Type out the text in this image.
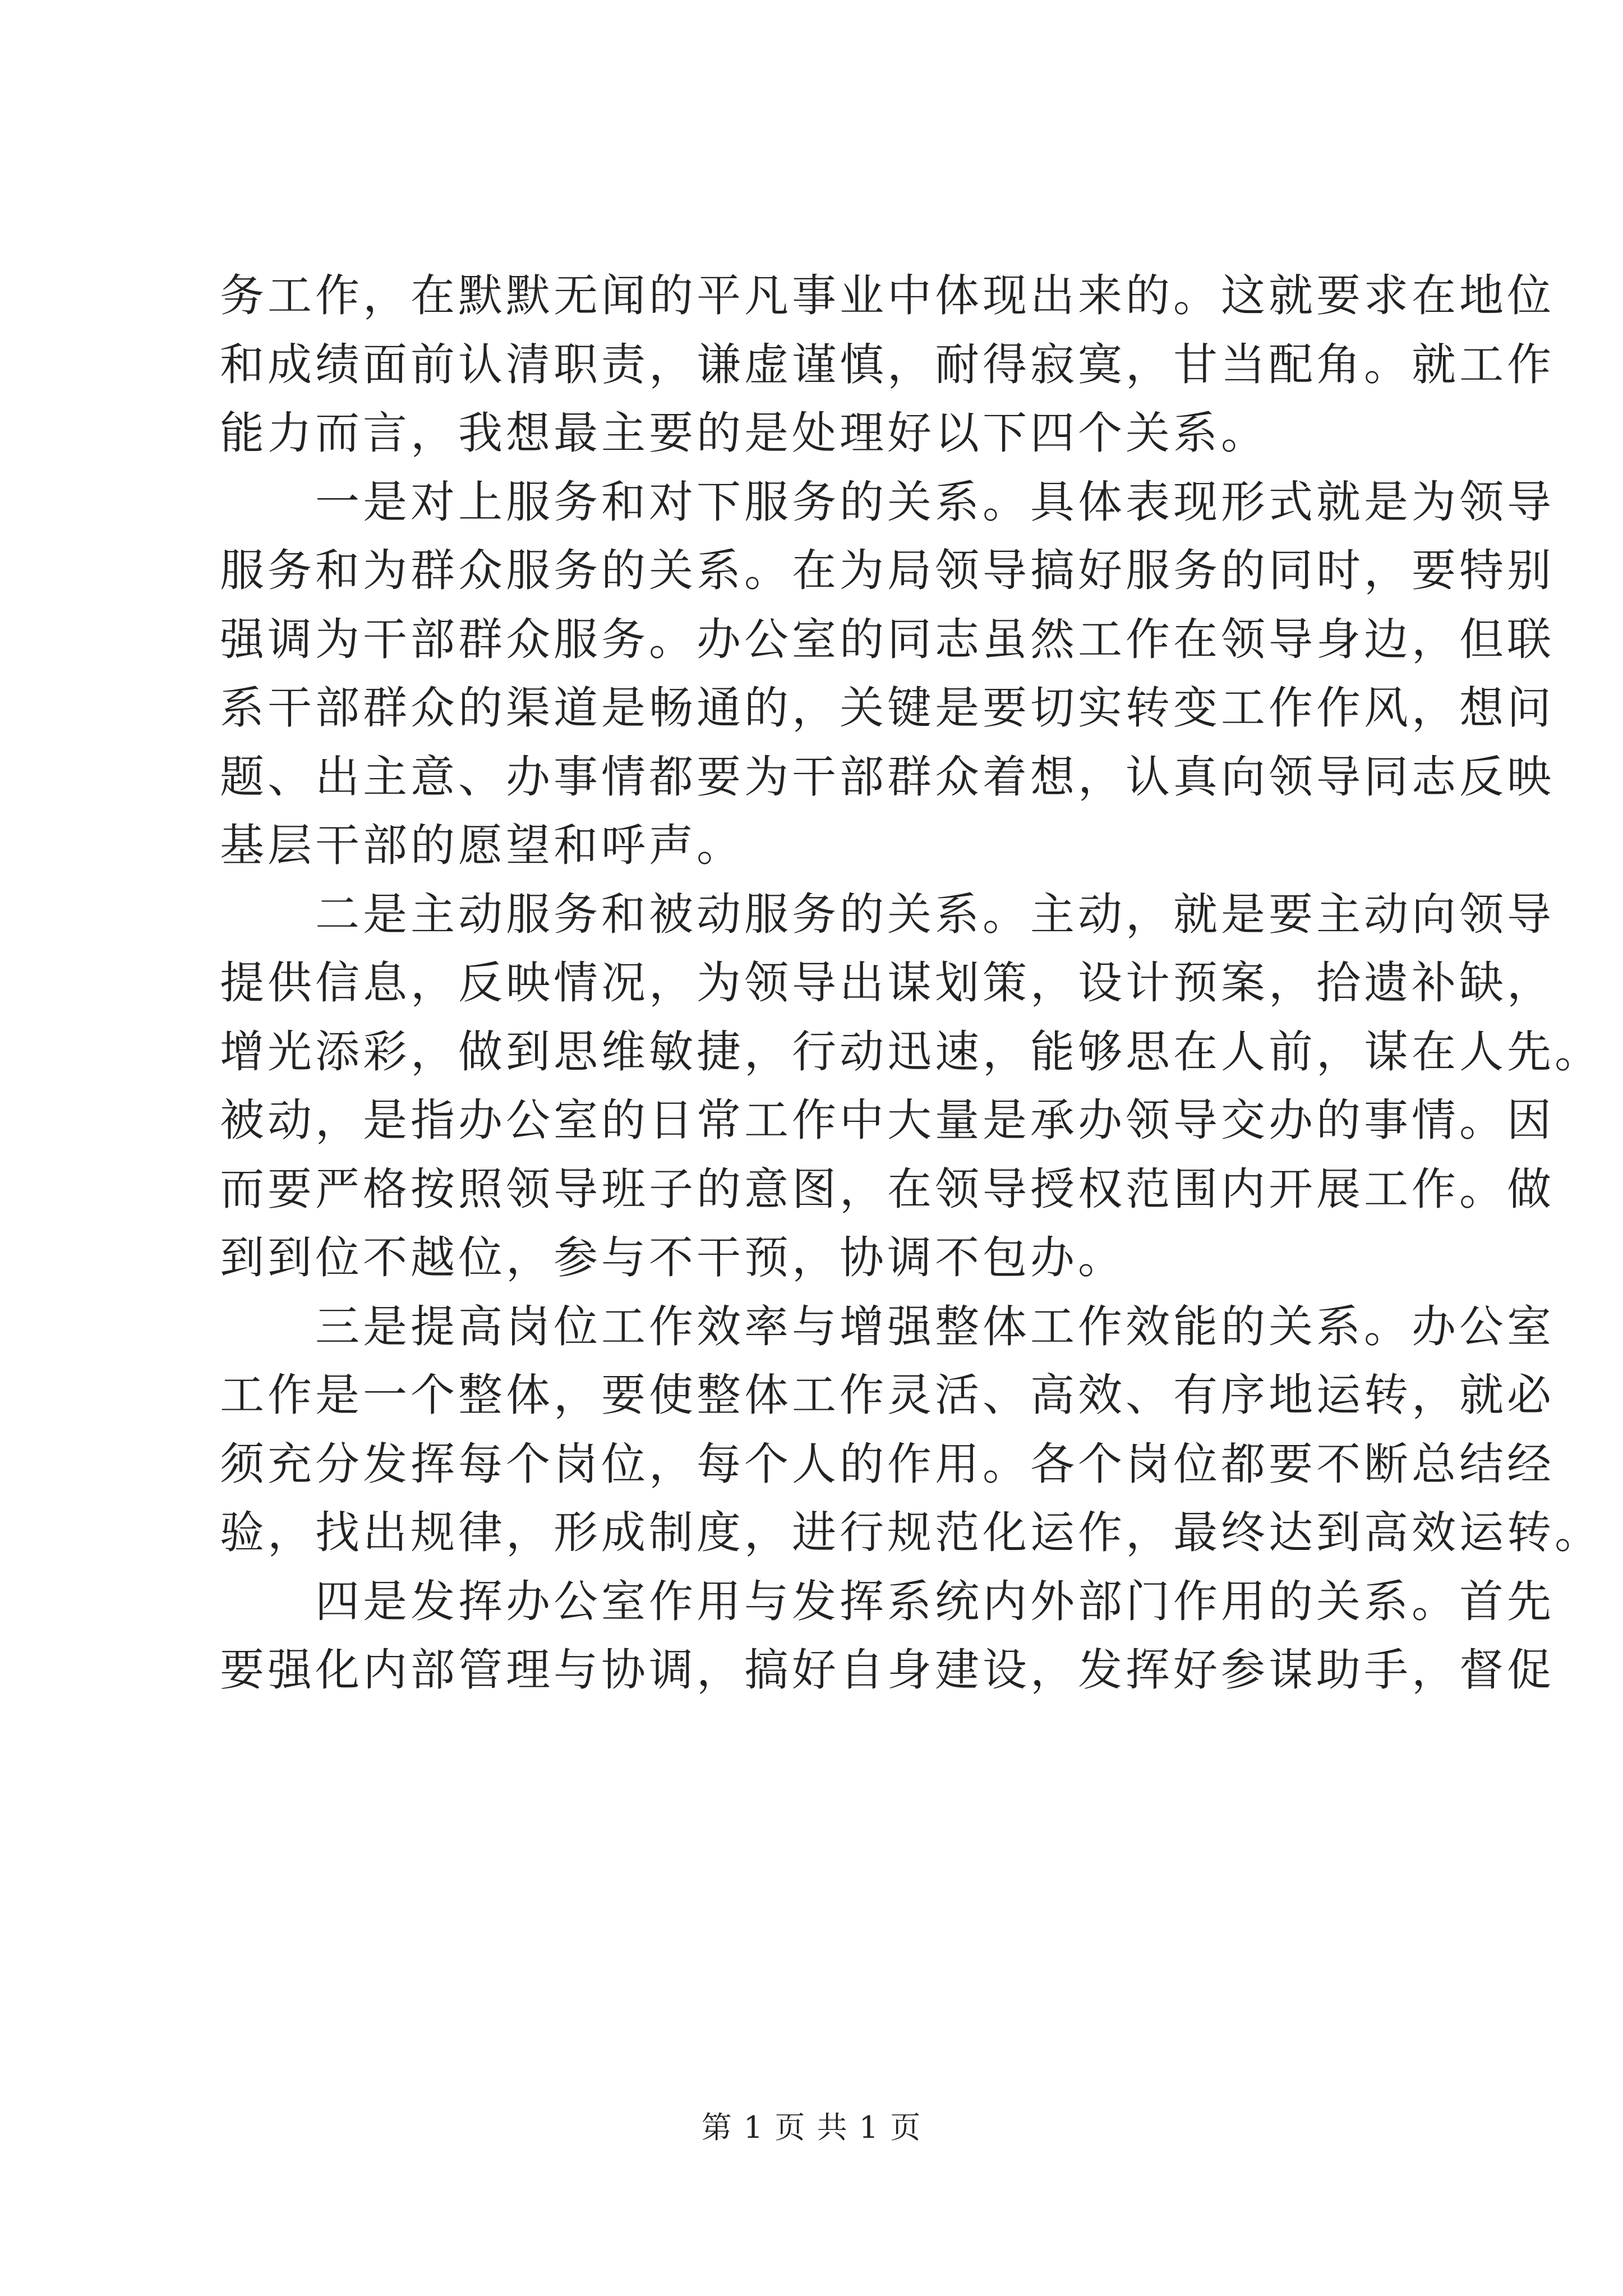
务工作，在默默无闻的平凡事业中体现出来的。这就要求在地位
和成绩面前认清职责，谦虚谨慎，耐得寂寞，甘当配角。就工作
能力而言，我想最主要的是处理好以下四个关系。
一是对上服务和对下服务的关系。具体表现形式就是为领导
服务和为群众服务的关系。在为局领导搞好服务的同时，要特别
强调为干部群众服务。办公室的同志虽然工作在领导身边，但联
系干部群众的渠道是畅通的，关键是要切实转变工作作风，想问
题、出主意、办事情都要为干部群众着想，认真向领导同志反映
基层干部的愿望和呼声。
二是主动服务和被动服务的关系。主动，就是要主动向领导
提供信息，反映情况，为领导出谋划策，设计预案，拾遗补缺，
增光添彩，做到思维敏捷，行动迅速，能够思在人前，谋在人先。
被动，是指办公室的日常工作中大量是承办领导交办的事情。因
而要严格按照领导班子的意图，在领导授权范围内开展工作。做
到到位不越位，参与不干预，协调不包办。
三是提高岗位工作效率与增强整体工作效能的关系。办公室
工作是一个整体，要使整体工作灵活、高效、有序地运转，就必
须充分发挥每个岗位，每个人的作用。各个岗位都要不断总结经
验，找出规律，形成制度，进行规范化运作，最终达到高效运转。
四是发挥办公室作用与发挥系统内外部门作用的关系。首先
要强化内部管理与协调，搞好自身建设，发挥好参谋助手，督促
第 1 页 共 1 页
